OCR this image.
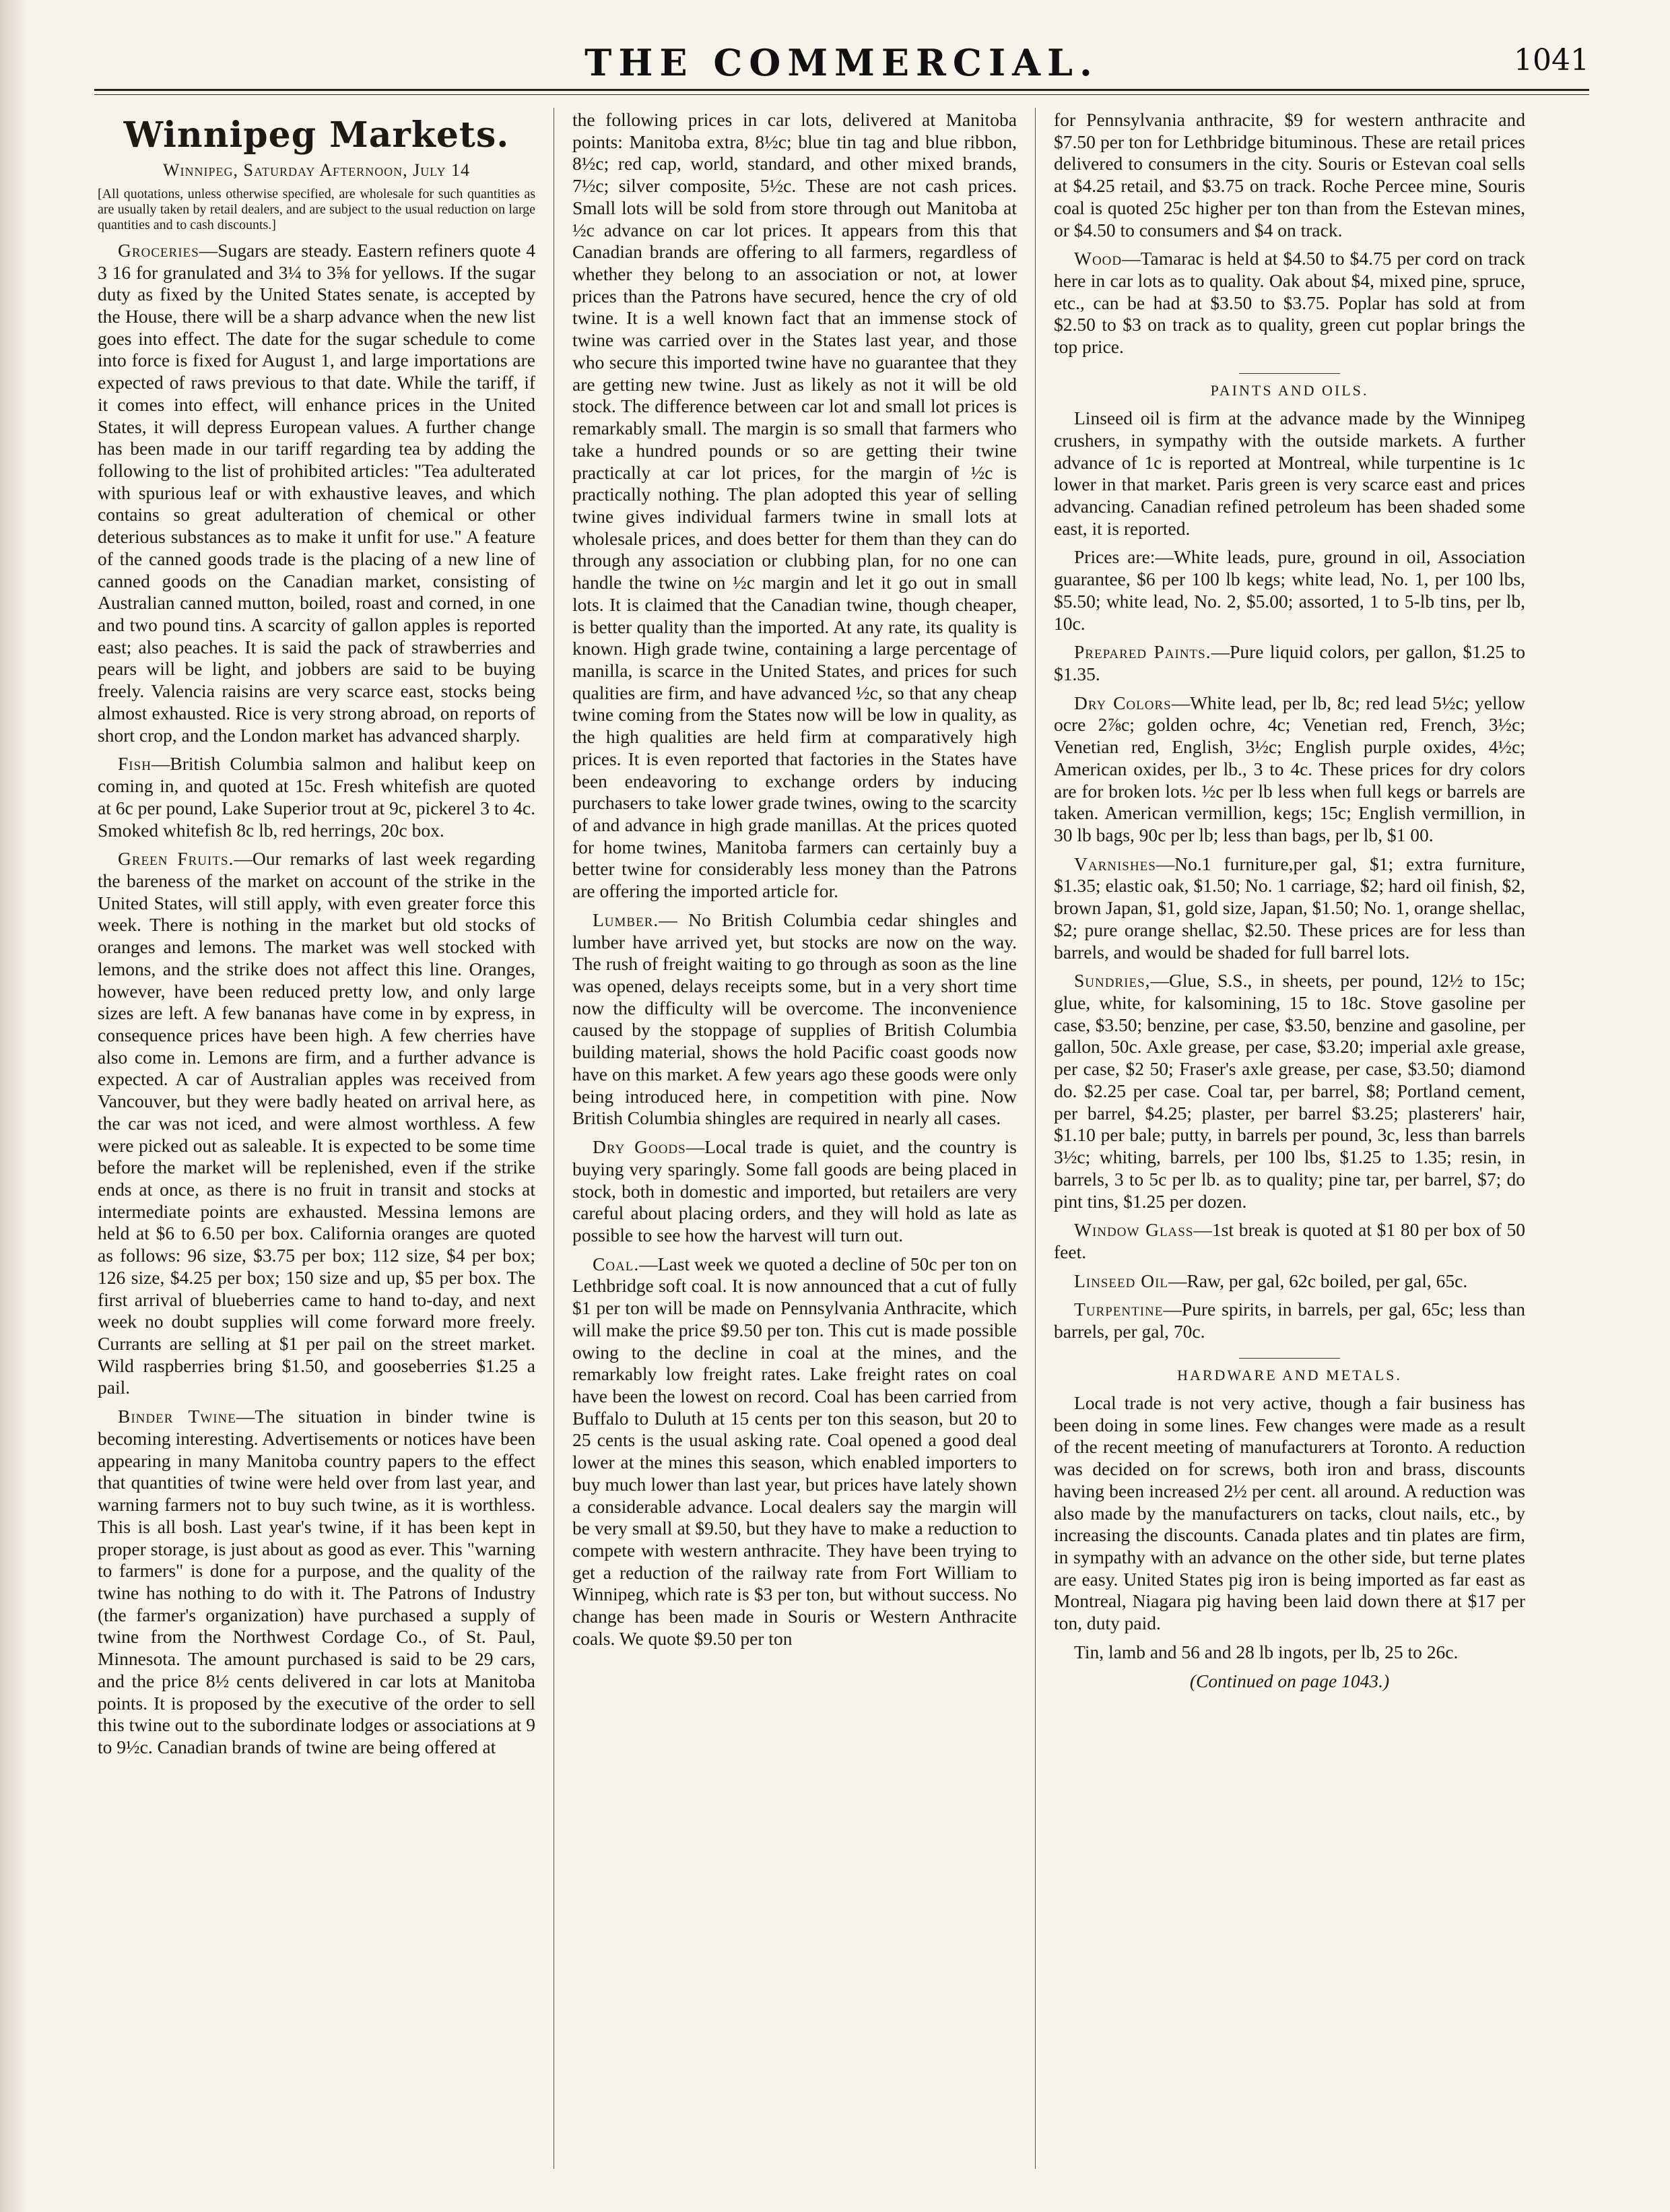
THE COMMERCIAL.	1041
Winnipeg Markets.
Winnipeg, Saturday Afternoon, July 14

[All quotations, unless otherwise specified, are wholesale for such quantities as are usually taken by retail dealers, and are subject to the usual reduction on large quantities and to cash discounts.]

Groceries—Sugars are steady. Eastern refiners quote 4 3 16 for granulated and 3¼ to 3⅝ for yellows. If the sugar duty as fixed by the United States senate, is accepted by the House, there will be a sharp advance when the new list goes into effect. The date for the sugar schedule to come into force is fixed for August 1, and large importations are expected of raws previous to that date. While the tariff, if it comes into effect, will enhance prices in the United States, it will depress European values. A further change has been made in our tariff regarding tea by adding the following to the list of prohibited articles: "Tea adulterated with spurious leaf or with exhaustive leaves, and which contains so great adulteration of chemical or other deterious substances as to make it unfit for use." A feature of the canned goods trade is the placing of a new line of canned goods on the Canadian market, consisting of Australian canned mutton, boiled, roast and corned, in one and two pound tins. A scarcity of gallon apples is reported east; also peaches. It is said the pack of strawberries and pears will be light, and jobbers are said to be buying freely. Valencia raisins are very scarce east, stocks being almost exhausted. Rice is very strong abroad, on reports of short crop, and the London market has advanced sharply.

Fish—British Columbia salmon and halibut keep on coming in, and quoted at 15c. Fresh whitefish are quoted at 6c per pound, Lake Superior trout at 9c, pickerel 3 to 4c. Smoked whitefish 8c lb, red herrings, 20c box.

Green Fruits.—Our remarks of last week regarding the bareness of the market on account of the strike in the United States, will still apply, with even greater force this week. There is nothing in the market but old stocks of oranges and lemons. The market was well stocked with lemons, and the strike does not affect this line. Oranges, however, have been reduced pretty low, and only large sizes are left. A few bananas have come in by express, in consequence prices have been high. A few cherries have also come in. Lemons are firm, and a further advance is expected. A car of Australian apples was received from Vancouver, but they were badly heated on arrival here, as the car was not iced, and were almost worthless. A few were picked out as saleable. It is expected to be some time before the market will be replenished, even if the strike ends at once, as there is no fruit in transit and stocks at intermediate points are exhausted. Messina lemons are held at $6 to 6.50 per box. California oranges are quoted as follows: 96 size, $3.75 per box; 112 size, $4 per box; 126 size, $4.25 per box; 150 size and up, $5 per box. The first arrival of blueberries came to hand to-day, and next week no doubt supplies will come forward more freely. Currants are selling at $1 per pail on the street market. Wild raspberries bring $1.50, and gooseberries $1.25 a pail.

Binder Twine—The situation in binder twine is becoming interesting. Advertisements or notices have been appearing in many Manitoba country papers to the effect that quantities of twine were held over from last year, and warning farmers not to buy such twine, as it is worthless. This is all bosh. Last year's twine, if it has been kept in proper storage, is just about as good as ever. This "warning to farmers" is done for a purpose, and the quality of the twine has nothing to do with it. The Patrons of Industry (the farmer's organization) have purchased a supply of twine from the Northwest Cordage Co., of St. Paul, Minnesota. The amount purchased is said to be 29 cars, and the price 8½ cents delivered in car lots at Manitoba points. It is proposed by the executive of the order to sell this twine out to the subordinate lodges or associations at 9 to 9½c. Canadian brands of twine are being offered at

the following prices in car lots, delivered at Manitoba points: Manitoba extra, 8½c; blue tin tag and blue ribbon, 8½c; red cap, world, standard, and other mixed brands, 7½c; silver composite, 5½c. These are not cash prices. Small lots will be sold from store through out Manitoba at ½c advance on car lot prices. It appears from this that Canadian brands are offering to all farmers, regardless of whether they belong to an association or not, at lower prices than the Patrons have secured, hence the cry of old twine. It is a well known fact that an immense stock of twine was carried over in the States last year, and those who secure this imported twine have no guarantee that they are getting new twine. Just as likely as not it will be old stock. The difference between car lot and small lot prices is remarkably small. The margin is so small that farmers who take a hundred pounds or so are getting their twine practically at car lot prices, for the margin of ½c is practically nothing. The plan adopted this year of selling twine gives individual farmers twine in small lots at wholesale prices, and does better for them than they can do through any association or clubbing plan, for no one can handle the twine on ½c margin and let it go out in small lots. It is claimed that the Canadian twine, though cheaper, is better quality than the imported. At any rate, its quality is known. High grade twine, containing a large percentage of manilla, is scarce in the United States, and prices for such qualities are firm, and have advanced ½c, so that any cheap twine coming from the States now will be low in quality, as the high qualities are held firm at comparatively high prices. It is even reported that factories in the States have been endeavoring to exchange orders by inducing purchasers to take lower grade twines, owing to the scarcity of and advance in high grade manillas. At the prices quoted for home twines, Manitoba farmers can certainly buy a better twine for considerably less money than the Patrons are offering the imported article for.

Lumber.— No British Columbia cedar shingles and lumber have arrived yet, but stocks are now on the way. The rush of freight waiting to go through as soon as the line was opened, delays receipts some, but in a very short time now the difficulty will be overcome. The inconvenience caused by the stoppage of supplies of British Columbia building material, shows the hold Pacific coast goods now have on this market. A few years ago these goods were only being introduced here, in competition with pine. Now British Columbia shingles are required in nearly all cases.

Dry Goods—Local trade is quiet, and the country is buying very sparingly. Some fall goods are being placed in stock, both in domestic and imported, but retailers are very careful about placing orders, and they will hold as late as possible to see how the harvest will turn out.

Coal.—Last week we quoted a decline of 50c per ton on Lethbridge soft coal. It is now announced that a cut of fully $1 per ton will be made on Pennsylvania Anthracite, which will make the price $9.50 per ton. This cut is made possible owing to the decline in coal at the mines, and the remarkably low freight rates. Lake freight rates on coal have been the lowest on record. Coal has been carried from Buffalo to Duluth at 15 cents per ton this season, but 20 to 25 cents is the usual asking rate. Coal opened a good deal lower at the mines this season, which enabled importers to buy much lower than last year, but prices have lately shown a considerable advance. Local dealers say the margin will be very small at $9.50, but they have to make a reduction to compete with western anthracite. They have been trying to get a reduction of the railway rate from Fort William to Winnipeg, which rate is $3 per ton, but without success. No change has been made in Souris or Western Anthracite coals. We quote $9.50 per ton

for Pennsylvania anthracite, $9 for western anthracite and $7.50 per ton for Lethbridge bituminous. These are retail prices delivered to consumers in the city. Souris or Estevan coal sells at $4.25 retail, and $3.75 on track. Roche Percee mine, Souris coal is quoted 25c higher per ton than from the Estevan mines, or $4.50 to consumers and $4 on track.

Wood—Tamarac is held at $4.50 to $4.75 per cord on track here in car lots as to quality. Oak about $4, mixed pine, spruce, etc., can be had at $3.50 to $3.75. Poplar has sold at from $2.50 to $3 on track as to quality, green cut poplar brings the top price.

PAINTS AND OILS.

Linseed oil is firm at the advance made by the Winnipeg crushers, in sympathy with the outside markets. A further advance of 1c is reported at Montreal, while turpentine is 1c lower in that market. Paris green is very scarce east and prices advancing. Canadian refined petroleum has been shaded some east, it is reported.

Prices are:—White leads, pure, ground in oil, Association guarantee, $6 per 100 lb kegs; white lead, No. 1, per 100 lbs, $5.50; white lead, No. 2, $5.00; assorted, 1 to 5-lb tins, per lb, 10c.

Prepared Paints.—Pure liquid colors, per gallon, $1.25 to $1.35.

Dry Colors—White lead, per lb, 8c; red lead 5½c; yellow ocre 2⅞c; golden ochre, 4c; Venetian red, French, 3½c; Venetian red, English, 3½c; English purple oxides, 4½c; American oxides, per lb., 3 to 4c. These prices for dry colors are for broken lots. ½c per lb less when full kegs or barrels are taken. American vermillion, kegs; 15c; English vermillion, in 30 lb bags, 90c per lb; less than bags, per lb, $1 00.

Varnishes—No.1 furniture,per gal, $1; extra furniture, $1.35; elastic oak, $1.50; No. 1 carriage, $2; hard oil finish, $2, brown Japan, $1, gold size, Japan, $1.50; No. 1, orange shellac, $2; pure orange shellac, $2.50. These prices are for less than barrels, and would be shaded for full barrel lots.

Sundries,—Glue, S.S., in sheets, per pound, 12½ to 15c; glue, white, for kalsomining, 15 to 18c. Stove gasoline per case, $3.50; benzine, per case, $3.50, benzine and gasoline, per gallon, 50c. Axle grease, per case, $3.20; imperial axle grease, per case, $2 50; Fraser's axle grease, per case, $3.50; diamond do. $2.25 per case. Coal tar, per barrel, $8; Portland cement, per barrel, $4.25; plaster, per barrel $3.25; plasterers' hair, $1.10 per bale; putty, in barrels per pound, 3c, less than barrels 3½c; whiting, barrels, per 100 lbs, $1.25 to 1.35; resin, in barrels, 3 to 5c per lb. as to quality; pine tar, per barrel, $7; do pint tins, $1.25 per dozen.

Window Glass—1st break is quoted at $1 80 per box of 50 feet.

Linseed Oil—Raw, per gal, 62c boiled, per gal, 65c.

Turpentine—Pure spirits, in barrels, per gal, 65c; less than barrels, per gal, 70c.

HARDWARE AND METALS.

Local trade is not very active, though a fair business has been doing in some lines. Few changes were made as a result of the recent meeting of manufacturers at Toronto. A reduction was decided on for screws, both iron and brass, discounts having been increased 2½ per cent. all around. A reduction was also made by the manufacturers on tacks, clout nails, etc., by increasing the discounts. Canada plates and tin plates are firm, in sympathy with an advance on the other side, but terne plates are easy. United States pig iron is being imported as far east as Montreal, Niagara pig having been laid down there at $17 per ton, duty paid.

Tin, lamb and 56 and 28 lb ingots, per lb, 25 to 26c.

(Continued on page 1043.)
